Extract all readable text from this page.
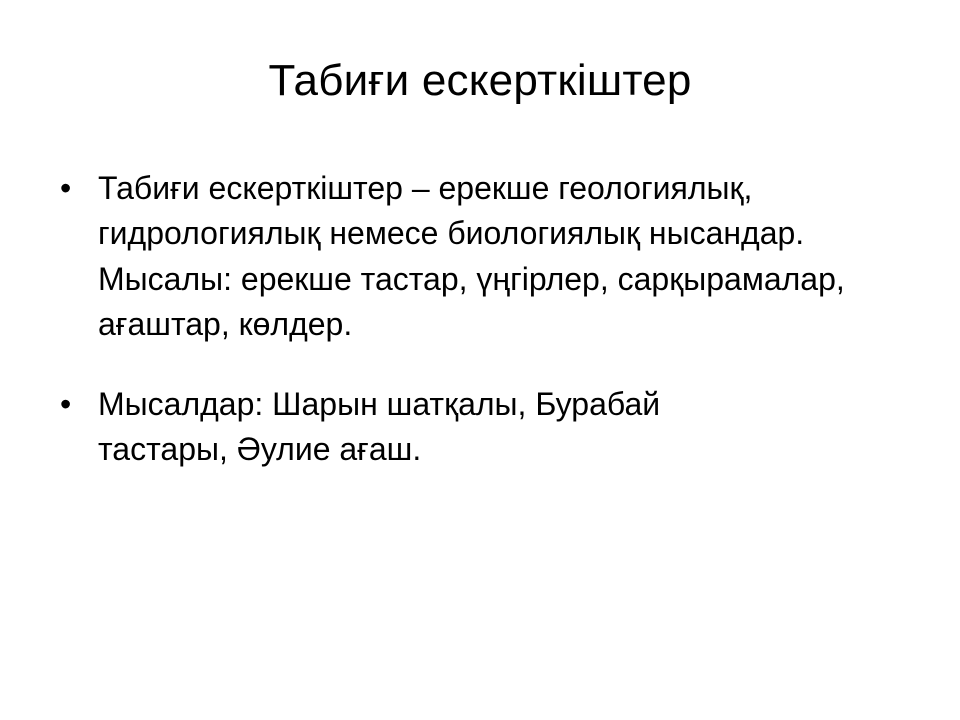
Табиғи ескерткіштер
• Табиғи ескерткіштер – ерекше геологиялық, гидрологиялық немесе биологиялық нысандар. Мысалы: ерекше тастар, үңгірлер, сарқырамалар, ағаштар, көлдер.
• Мысалдар: Шарын шатқалы, Бурабай тастары, Әулие ағаш.
